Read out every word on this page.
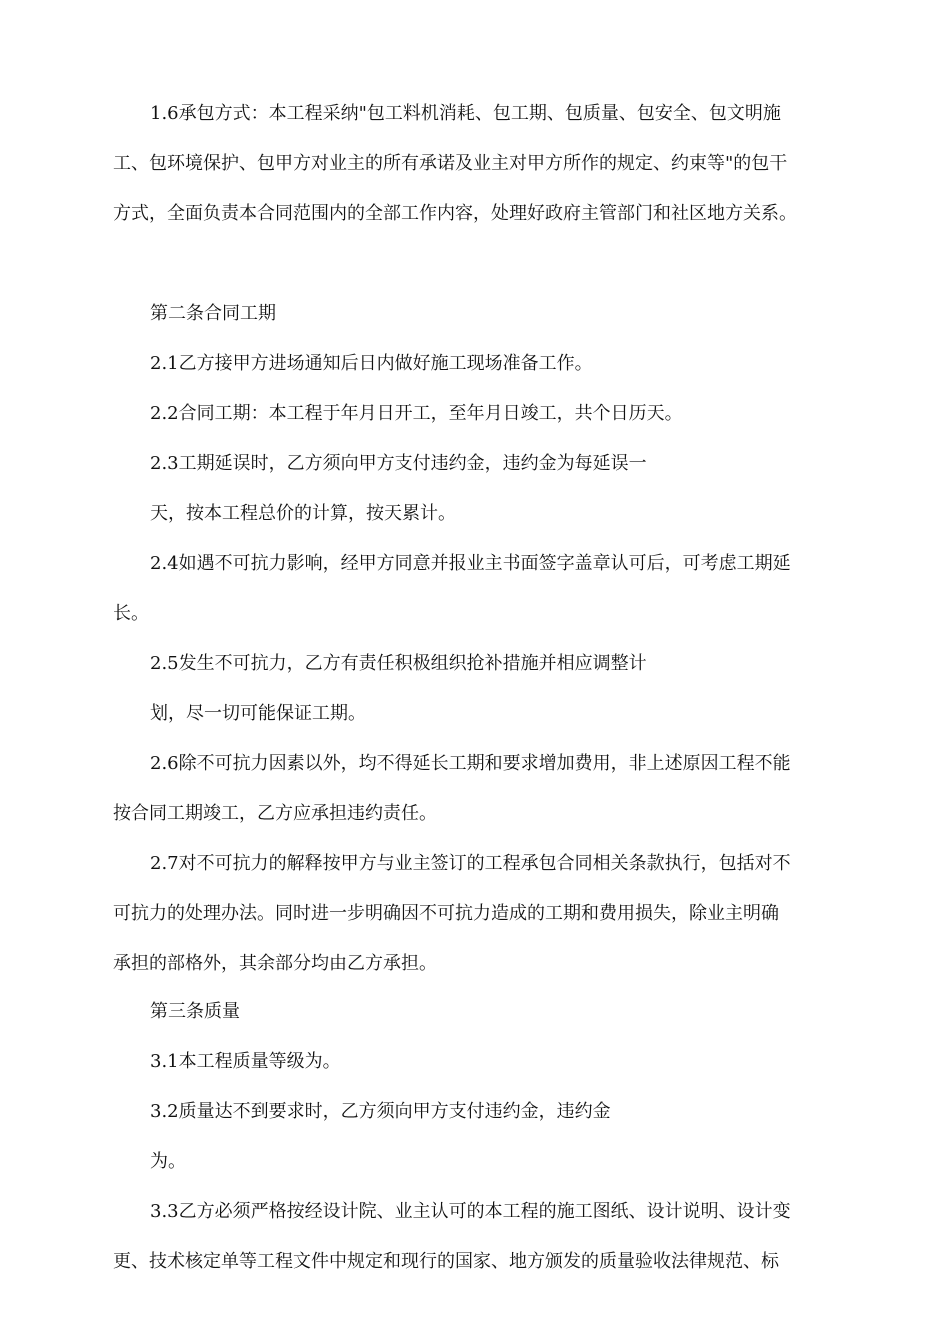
1.6承包方式：本工程采纳"包工料机消耗、包工期、包质量、包安全、包文明施
工、包环境保护、包甲方对业主的所有承诺及业主对甲方所作的规定、约束等"的包干
方式，全面负责本合同范围内的全部工作内容，处理好政府主管部门和社区地方关系。
第二条合同工期
2.1乙方接甲方进场通知后日内做好施工现场准备工作。
2.2合同工期：本工程于年月日开工，至年月日竣工，共个日历天。
2.3工期延误时，乙方须向甲方支付违约金，违约金为每延误一
天，按本工程总价的计算，按天累计。
2.4如遇不可抗力影响，经甲方同意并报业主书面签字盖章认可后，可考虑工期延
长。
2.5发生不可抗力，乙方有责任积极组织抢补措施并相应调整计
划，尽一切可能保证工期。
2.6除不可抗力因素以外，均不得延长工期和要求增加费用，非上述原因工程不能
按合同工期竣工，乙方应承担违约责任。
2.7对不可抗力的解释按甲方与业主签订的工程承包合同相关条款执行，包括对不
可抗力的处理办法。同时进一步明确因不可抗力造成的工期和费用损失，除业主明确
承担的部格外，其余部分均由乙方承担。
第三条质量
3.1本工程质量等级为。
3.2质量达不到要求时，乙方须向甲方支付违约金，违约金
为。
3.3乙方必须严格按经设计院、业主认可的本工程的施工图纸、设计说明、设计变
更、技术核定单等工程文件中规定和现行的国家、地方颁发的质量验收法律规范、标
